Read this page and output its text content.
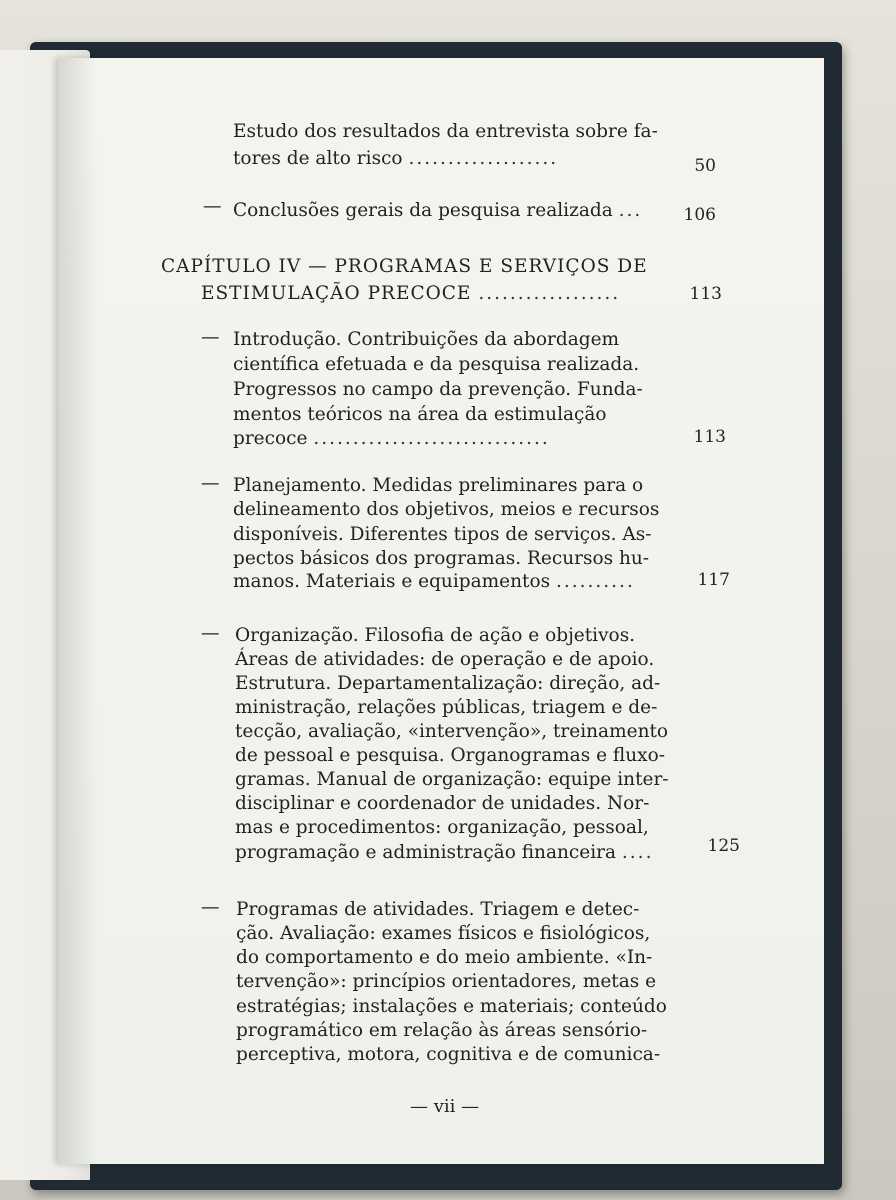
Estudo dos resultados da entrevista sobre fa-
tores de alto risco ...................	50
— Conclusões gerais da pesquisa realizada ...	106
CAPÍTULO IV — PROGRAMAS E SERVIÇOS DE
ESTIMULAÇÃO PRECOCE ..................	113
— Introdução. Contribuições da abordagem
científica efetuada e da pesquisa realizada.
Progressos no campo da prevenção. Funda-
mentos teóricos na área da estimulação
precoce ..............................	113
— Planejamento. Medidas preliminares para o
delineamento dos objetivos, meios e recursos
disponíveis. Diferentes tipos de serviços. As-
pectos básicos dos programas. Recursos hu-
manos. Materiais e equipamentos ..........	117
— Organização. Filosofia de ação e objetivos.
Áreas de atividades: de operação e de apoio.
Estrutura. Departamentalização: direção, ad-
ministração, relações públicas, triagem e de-
tecção, avaliação, «intervenção», treinamento
de pessoal e pesquisa. Organogramas e fluxo-
gramas. Manual de organização: equipe inter-
disciplinar e coordenador de unidades. Nor-
mas e procedimentos: organização, pessoal,
programação e administração financeira ....	125
— Programas de atividades. Triagem e detec-
ção. Avaliação: exames físicos e fisiológicos,
do comportamento e do meio ambiente. «In-
tervenção»: princípios orientadores, metas e
estratégias; instalações e materiais; conteúdo
programático em relação às áreas sensório-
perceptiva, motora, cognitiva e de comunica-
— vii —
